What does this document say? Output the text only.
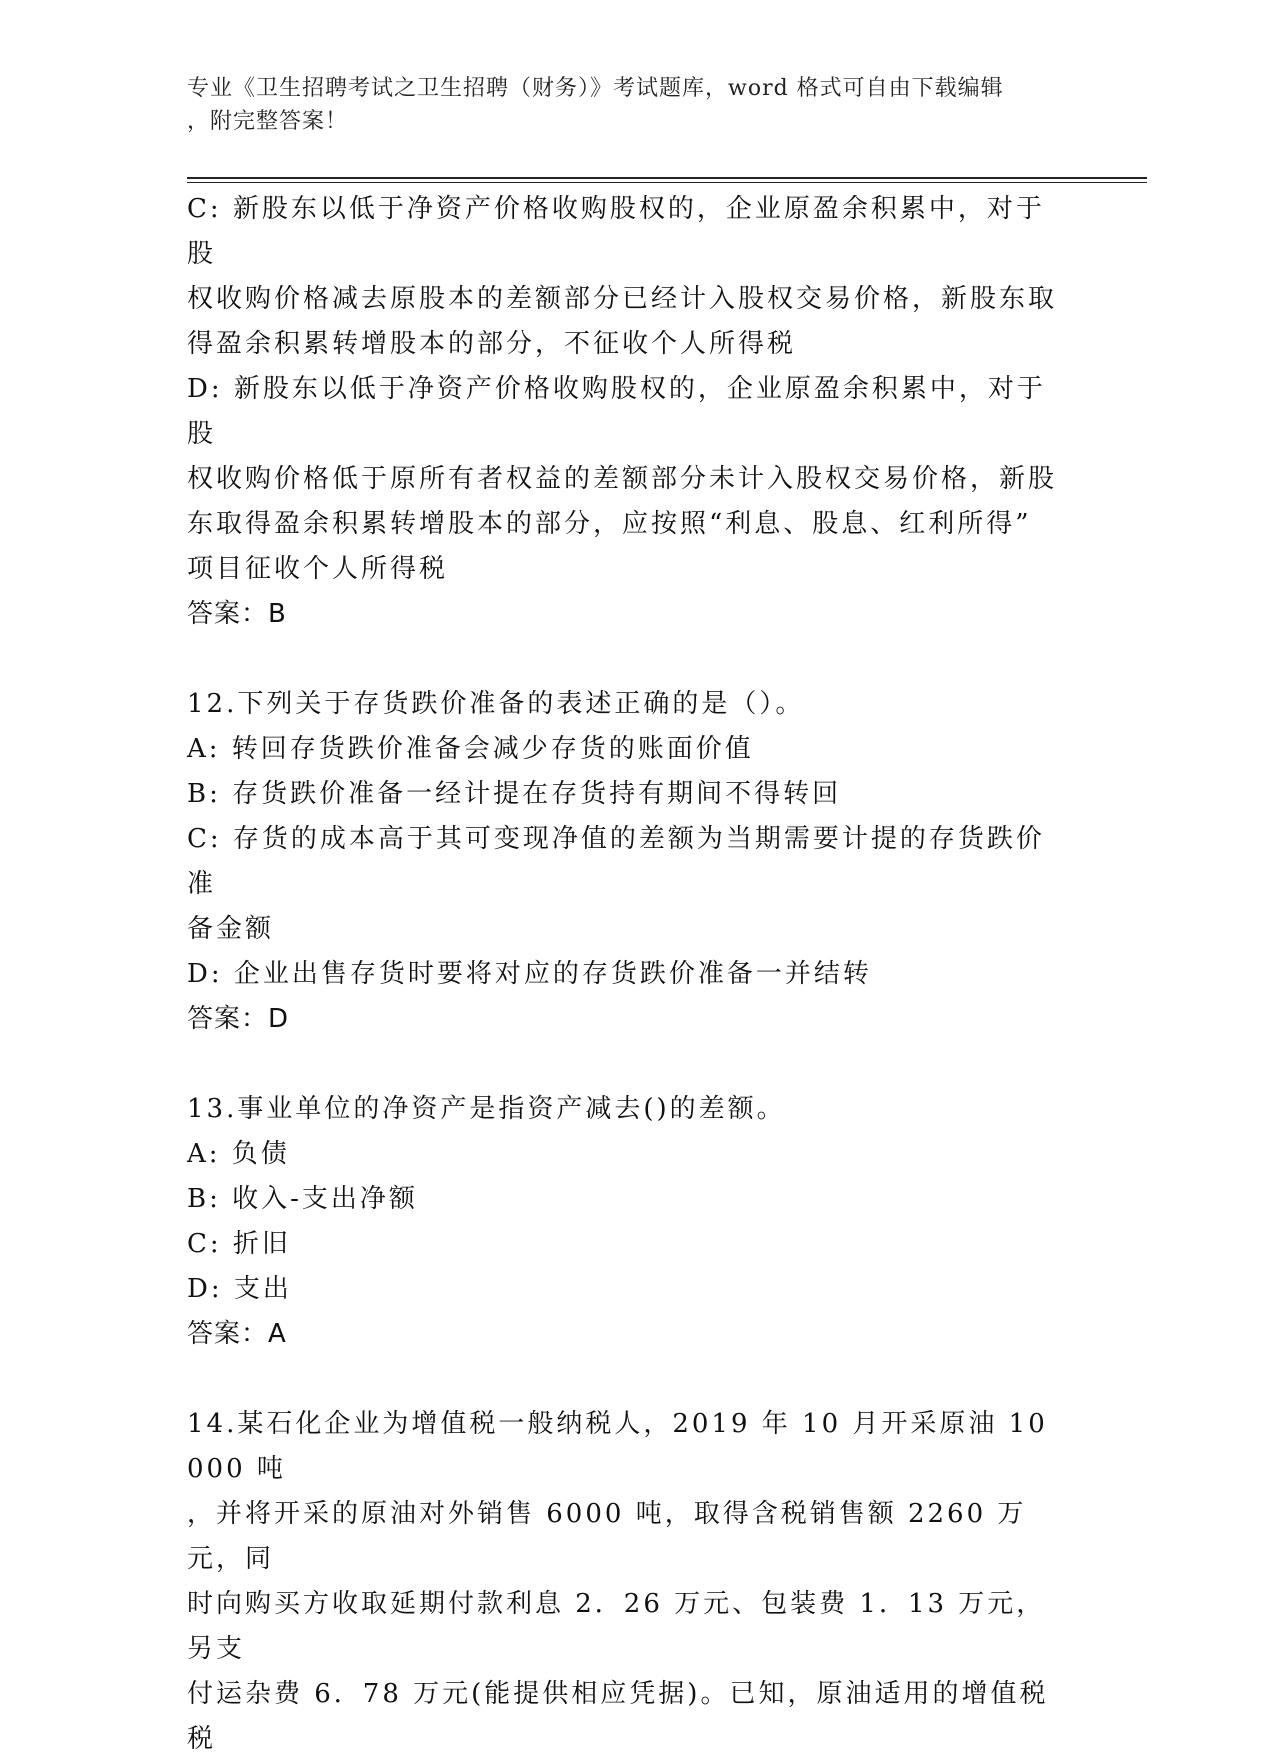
专业《卫生招聘考试之卫生招聘（财务）》考试题库，word 格式可自由下载编辑
，附完整答案！

C: 新股东以低于净资产价格收购股权的，企业原盈余积累中，对于股

权收购价格减去原股本的差额部分已经计入股权交易价格，新股东取

得盈余积累转增股本的部分，不征收个人所得税

D: 新股东以低于净资产价格收购股权的，企业原盈余积累中，对于股

权收购价格低于原所有者权益的差额部分未计入股权交易价格，新股

东取得盈余积累转增股本的部分，应按照“利息、股息、红利所得”

项目征收个人所得税

答案：B

12.下列关于存货跌价准备的表述正确的是（）。

A: 转回存货跌价准备会减少存货的账面价值

B: 存货跌价准备一经计提在存货持有期间不得转回

C: 存货的成本高于其可变现净值的差额为当期需要计提的存货跌价准

备金额

D: 企业出售存货时要将对应的存货跌价准备一并结转

答案：D

13.事业单位的净资产是指资产减去()的差额。

A: 负债

B: 收入-支出净额

C: 折旧

D: 支出

答案：A

14.某石化企业为增值税一般纳税人，2019 年 10 月开采原油 10000 吨

，并将开采的原油对外销售 6000 吨，取得含税销售额 2260 万元，同

时向购买方收取延期付款利息 2．26 万元、包装费 1．13 万元，另支

付运杂费 6．78 万元(能提供相应凭据)。已知，原油适用的增值税税
